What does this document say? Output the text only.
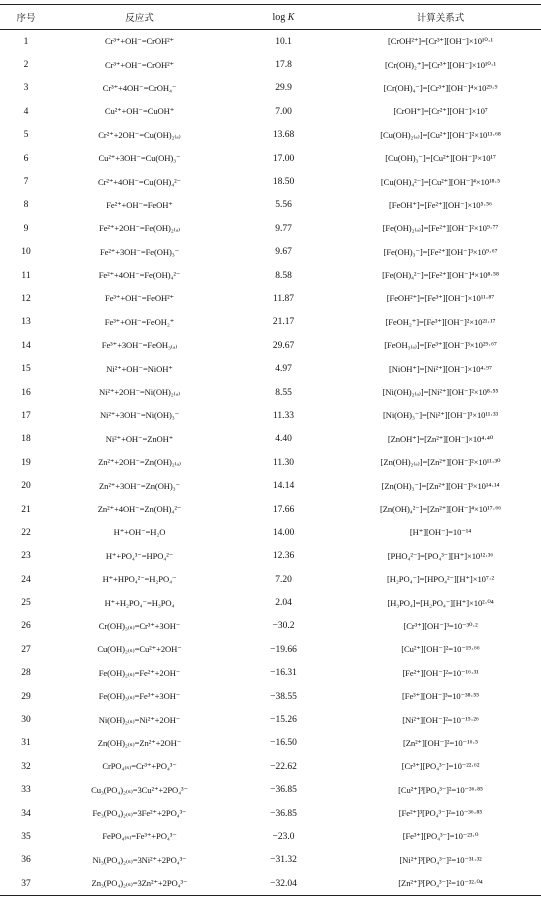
序号	反应式	log K	计算关系式
1	Cr³⁺+OH⁻=CrOH²⁺	10.1	[CrOH²⁺]=[Cr³⁺][OH⁻]×10¹⁰·¹
2	Cr³⁺+OH⁻=CrOH²⁺	17.8	[Cr(OH)₂⁺]=[Cr³⁺][OH⁻]×10¹⁰·¹
3	Cr³⁺+4OH⁻=CrOH₄⁻	29.9	[Cr(OH)₄⁻]=[Cr³⁺][OH⁻]⁴×10²⁹·⁹
4	Cu²⁺+OH⁻=CuOH⁺	7.00	[CrOH⁺]=[Cr²⁺][OH⁻]×10⁷
5	Cr²⁺+2OH⁻=Cu(OH)₂₍ₐ₎	13.68	[Cu(OH)₂₍ₐ₎]=[Cu²⁺][OH⁻]²×10¹³·⁶⁸
6	Cu²⁺+3OH⁻=Cu(OH)₃⁻	17.00	[Cu(OH)₃⁻]=[Cu²⁺][OH⁻]³×10¹⁷
7	Cr²⁺+4OH⁻=Cu(OH)₄²⁻	18.50	[Cu(OH)₄²⁻]=[Cu²⁺][OH⁻]⁴×10¹⁸·⁵
8	Fe²⁺+OH⁻=FeOH⁺	5.56	[FeOH⁺]=[Fe²⁺][OH⁻]×10⁵·⁵⁶
9	Fe²⁺+2OH⁻=Fe(OH)₂₍ₐ₎	9.77	[Fe(OH)₂₍ₐ₎]=[Fe²⁺][OH⁻]²×10⁹·⁷⁷
10	Fe²⁺+3OH⁻=Fe(OH)₃⁻	9.67	[Fe(OH)₃⁻]=[Fe²⁺][OH⁻]³×10⁹·⁶⁷
11	Fe²⁺+4OH⁻=Fe(OH)₄²⁻	8.58	[Fe(OH)₄²⁻]=[Fe²⁺][OH⁻]⁴×10⁸·⁵⁸
12	Fe³⁺+OH⁻=FeOH²⁺	11.87	[FeOH²⁺]=[Fe³⁺][OH⁻]×10¹¹·⁸⁷
13	Fe³⁺+OH⁻=FeOH₂⁺	21.17	[FeOH₂⁺]=[Fe³⁺][OH⁻]²×10²¹·¹⁷
14	Fe³⁺+3OH⁻=FeOH₃₍ₐ₎	29.67	[FeOH₃₍ₐ₎]=[Fe³⁺][OH⁻]³×10²⁹·⁶⁷
15	Ni²⁺+OH⁻=NiOH⁺	4.97	[NiOH⁺]=[Ni²⁺][OH⁻]×10⁴·⁹⁷
16	Ni²⁺+2OH⁻=Ni(OH)₂₍ₐ₎	8.55	[Ni(OH)₂₍ₐ₎]=[Ni²⁺][OH⁻]²×10⁸·⁵⁵
17	Ni²⁺+3OH⁻=Ni(OH)₃⁻	11.33	[Ni(OH)₃⁻]=[Ni²⁺][OH⁻]³×10¹¹·³³
18	Ni²⁺+OH⁻=ZnOH⁺	4.40	[ZnOH⁺]=[Zn²⁺][OH⁻]×10⁴·⁴⁰
19	Zn²⁺+2OH⁻=Zn(OH)₂₍ₐ₎	11.30	[Zn(OH)₂₍ₐ₎]=[Zn²⁺][OH⁻]²×10¹¹·³⁰
20	Zn²⁺+3OH⁻=Zn(OH)₃⁻	14.14	[Zn(OH)₃⁻]=[Zn²⁺][OH⁻]³×10¹⁴·¹⁴
21	Zn²⁺+4OH⁻=Zn(OH)₄²⁻	17.66	[Zn(OH)₄²⁻]=[Zn²⁺][OH⁻]⁴×10¹⁷·⁶⁶
22	H⁺+OH⁻=H₂O	14.00	[H⁺][OH⁻]=10⁻¹⁴
23	H⁺+PO₄³⁻=HPO₄²⁻	12.36	[PHO₄²⁻]=[PO₄³⁻][H⁺]×10¹²·³⁶
24	H⁺+HPO₄²⁻=H₂PO₄⁻	7.20	[H₂PO₄⁻]=[HPO₄²⁻][H⁺]×10⁷·²
25	H⁺+H₂PO₄⁻=H₃PO₄	2.04	[H₃PO₄]=[H₂PO₄⁻][H⁺]×10²·⁰⁴
26	Cr(OH)₃₍ₛ₎=Cr³⁺+3OH⁻	−30.2	[Cr³⁺][OH⁻]³=10⁻³⁰·²
27	Cu(OH)₂₍ₛ₎=Cu²⁺+2OH⁻	−19.66	[Cu²⁺][OH⁻]²=10⁻¹⁹·⁶⁶
28	Fe(OH)₂₍ₛ₎=Fe²⁺+2OH⁻	−16.31	[Fe²⁺][OH⁻]²=10⁻¹⁶·³¹
29	Fe(OH)₃₍ₛ₎=Fe³⁺+3OH⁻	−38.55	[Fe³⁺][OH⁻]³=10⁻³⁸·⁵⁵
30	Ni(OH)₂₍ₛ₎=Ni²⁺+2OH⁻	−15.26	[Ni²⁺][OH⁻]²=10⁻¹⁵·²⁶
31	Zn(OH)₂₍ₛ₎=Zn²⁺+2OH⁻	−16.50	[Zn²⁺][OH⁻]²=10⁻¹⁶·⁵
32	CrPO₄₍ₛ₎=Cr³⁺+PO₄³⁻	−22.62	[Cr³⁺][PO₄³⁻]=10⁻²²·⁶²
33	Cu₃(PO₄)₂₍ₛ₎=3Cu²⁺+2PO₄³⁻	−36.85	[Cu²⁺]³[PO₄³⁻]²=10⁻³⁶·⁸⁵
34	Fe₃(PO₄)₂₍ₛ₎=3Fe²⁺+2PO₄³⁻	−36.85	[Fe²⁺]³[PO₄³⁻]²=10⁻³⁶·⁸⁵
35	FePO₄₍ₛ₎=Fe³⁺+PO₄³⁻	−23.0	[Fe³⁺][PO₄³⁻]=10⁻²³·⁰
36	Ni₃(PO₄)₂₍ₛ₎=3Ni²⁺+2PO₄³⁻	−31.32	[Ni²⁺]³[PO₄³⁻]²=10⁻³¹·³²
37	Zn₃(PO₄)₂₍ₛ₎=3Zn²⁺+2PO₄³⁻	−32.04	[Zn²⁺]³[PO₄³⁻]²=10⁻³²·⁰⁴
